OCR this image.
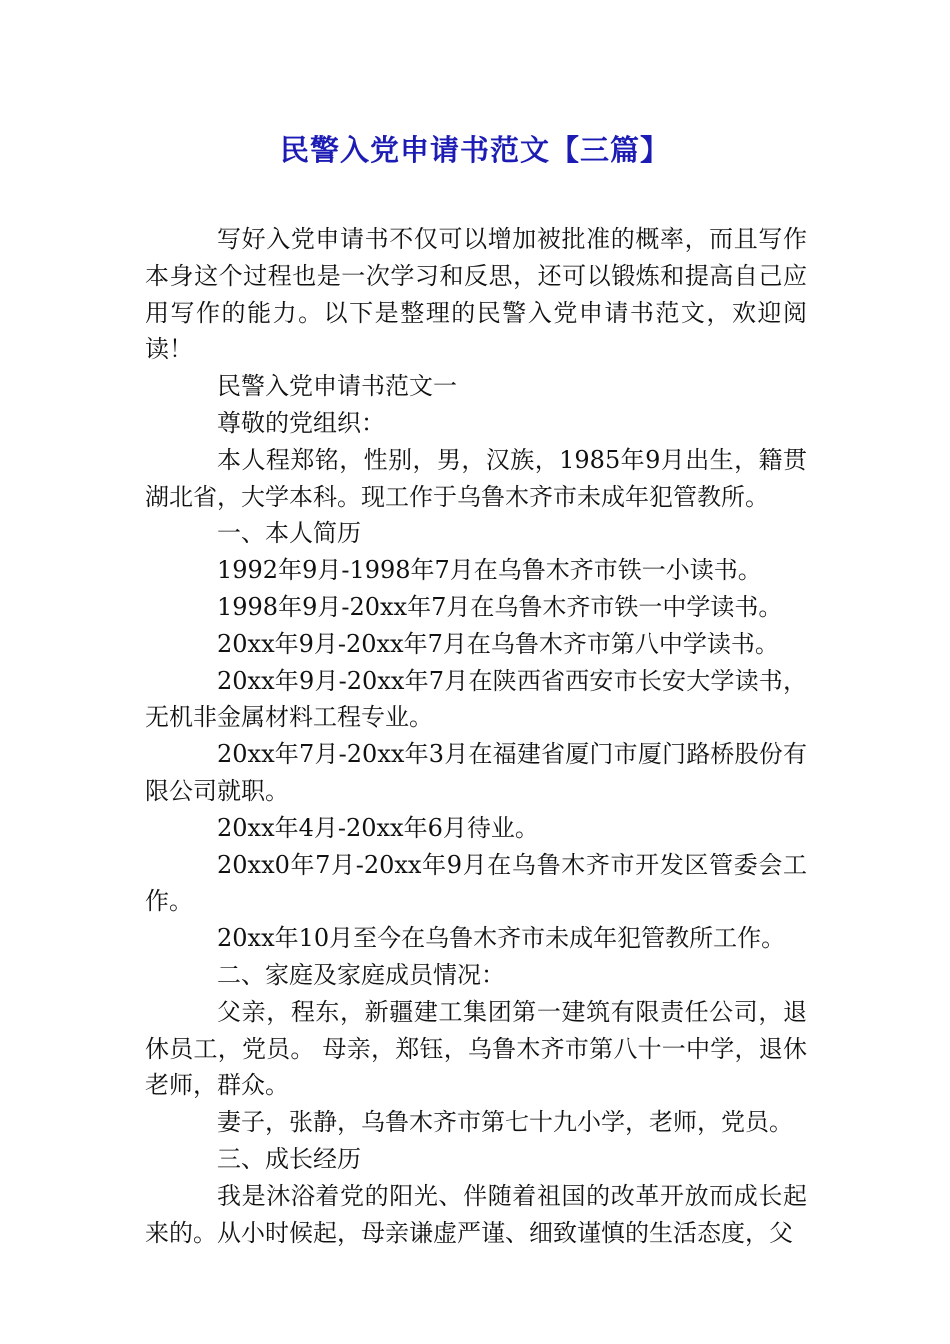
民警入党申请书范文【三篇】

写好入党申请书不仅可以增加被批准的概率，而且写作本身这个过程也是一次学习和反思，还可以锻炼和提高自己应用写作的能力。以下是整理的民警入党申请书范文，欢迎阅读！

民警入党申请书范文一

尊敬的党组织：

本人程郑铭，性别，男，汉族，1985年9月出生，籍贯湖北省，大学本科。现工作于乌鲁木齐市未成年犯管教所。

一、本人简历

1992年9月-1998年7月在乌鲁木齐市铁一小读书。

1998年9月-20xx年7月在乌鲁木齐市铁一中学读书。

20xx年9月-20xx年7月在乌鲁木齐市第八中学读书。

20xx年9月-20xx年7月在陕西省西安市长安大学读书，无机非金属材料工程专业。

20xx年7月-20xx年3月在福建省厦门市厦门路桥股份有限公司就职。

20xx年4月-20xx年6月待业。

20xx0年7月-20xx年9月在乌鲁木齐市开发区管委会工作。

20xx年10月至今在乌鲁木齐市未成年犯管教所工作。

二、家庭及家庭成员情况：

父亲，程东，新疆建工集团第一建筑有限责任公司，退休员工，党员。 母亲，郑钰，乌鲁木齐市第八十一中学，退休老师，群众。

妻子，张静，乌鲁木齐市第七十九小学，老师，党员。

三、成长经历

我是沐浴着党的阳光、伴随着祖国的改革开放而成长起来的。从小时候起，母亲谦虚严谨、细致谨慎的生活态度，父
